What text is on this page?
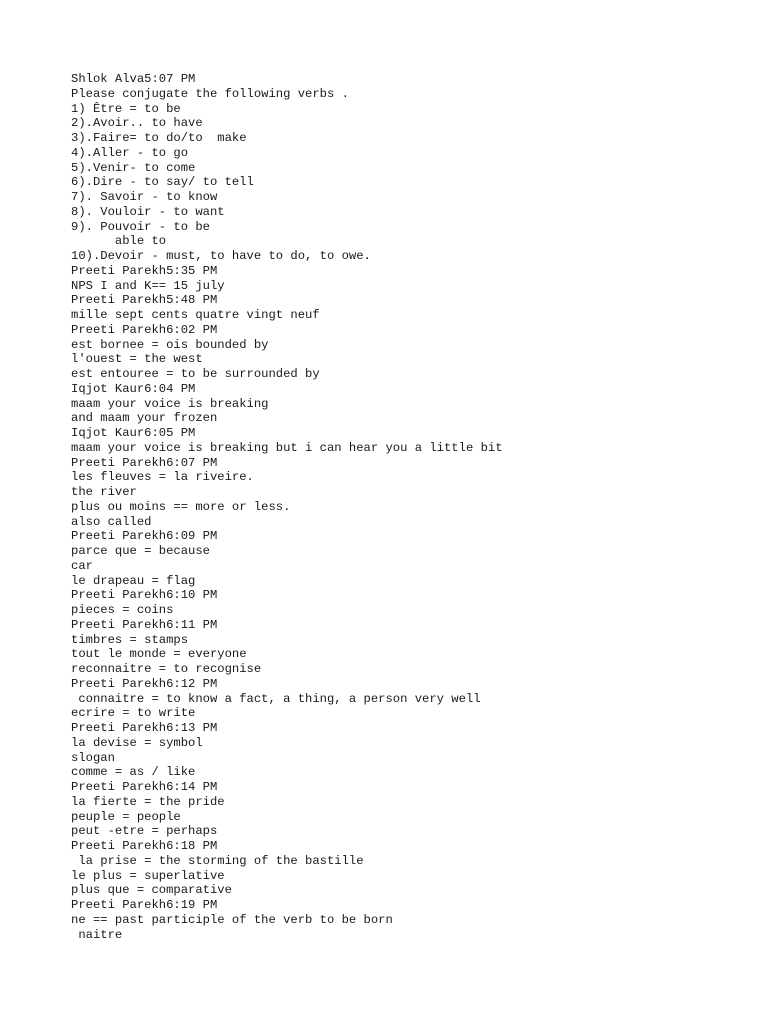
Shlok Alva5:07 PM
Please conjugate the following verbs .
1) Être = to be
2).Avoir.. to have
3).Faire= to do/to  make
4).Aller - to go
5).Venir- to come
6).Dire - to say/ to tell
7). Savoir - to know
8). Vouloir - to want
9). Pouvoir - to be
able to
10).Devoir - must, to have to do, to owe.
Preeti Parekh5:35 PM
NPS I and K== 15 july
Preeti Parekh5:48 PM
mille sept cents quatre vingt neuf
Preeti Parekh6:02 PM
est bornee = ois bounded by
l'ouest = the west
est entouree = to be surrounded by
Iqjot Kaur6:04 PM
maam your voice is breaking
and maam your frozen
Iqjot Kaur6:05 PM
maam your voice is breaking but i can hear you a little bit
Preeti Parekh6:07 PM
les fleuves = la riveire.
the river
plus ou moins == more or less.
also called
Preeti Parekh6:09 PM
parce que = because
car
le drapeau = flag
Preeti Parekh6:10 PM
pieces = coins
Preeti Parekh6:11 PM
timbres = stamps
tout le monde = everyone
reconnaitre = to recognise
Preeti Parekh6:12 PM
connaitre = to know a fact, a thing, a person very well
ecrire = to write
Preeti Parekh6:13 PM
la devise = symbol
slogan
comme = as / like
Preeti Parekh6:14 PM
la fierte = the pride
peuple = people
peut -etre = perhaps
Preeti Parekh6:18 PM
la prise = the storming of the bastille
le plus = superlative
plus que = comparative
Preeti Parekh6:19 PM
ne == past participle of the verb to be born
naitre
